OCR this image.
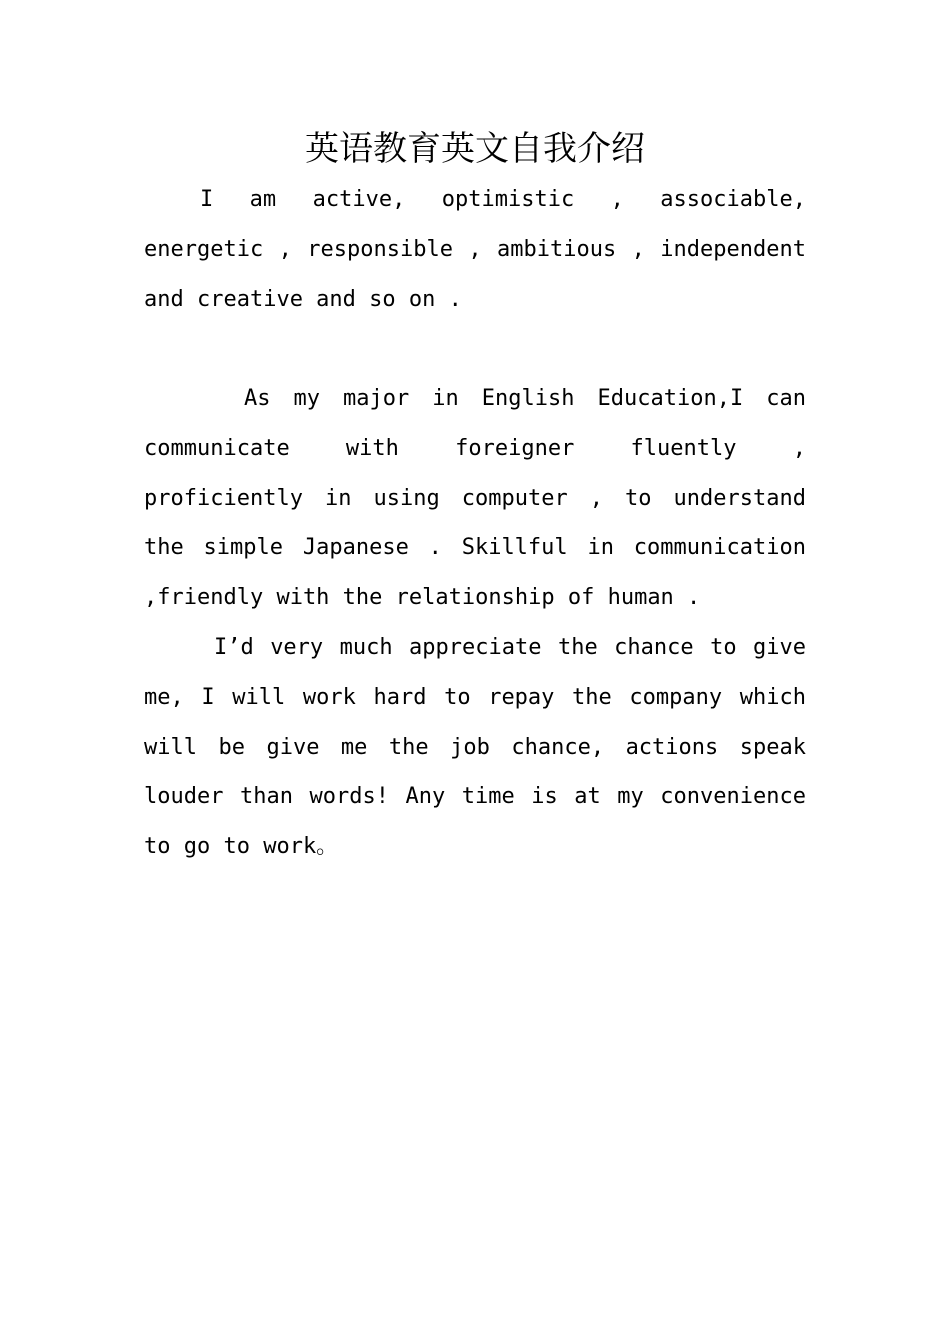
英语教育英文自我介绍

I am active, optimistic , associable, energetic , responsible , ambitious , independent and creative and so on .

As my major in English Education,I can communicate with foreigner fluently , proficiently in using computer , to understand the simple Japanese . Skillful in communication ,friendly with the relationship of human .

I’d very much appreciate the chance to give me, I will work hard to repay the company which will be give me the job chance, actions speak louder than words! Any time is at my convenience to go to work。
